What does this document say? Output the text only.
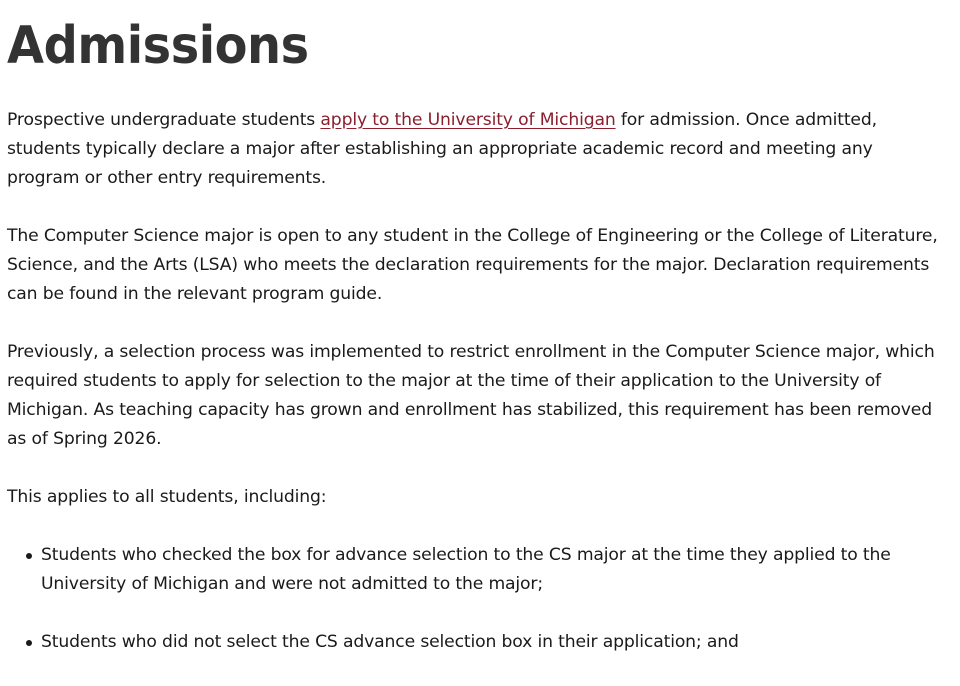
Admissions

Prospective undergraduate students apply to the University of Michigan for admission. Once admitted, students typically declare a major after establishing an appropriate academic record and meeting any program or other entry requirements.

The Computer Science major is open to any student in the College of Engineering or the College of Literature, Science, and the Arts (LSA) who meets the declaration requirements for the major. Declaration requirements can be found in the relevant program guide.

Previously, a selection process was implemented to restrict enrollment in the Computer Science major, which required students to apply for selection to the major at the time of their application to the University of Michigan. As teaching capacity has grown and enrollment has stabilized, this requirement has been removed as of Spring 2026.

This applies to all students, including:

Students who checked the box for advance selection to the CS major at the time they applied to the University of Michigan and were not admitted to the major;
Students who did not select the CS advance selection box in their application; and
